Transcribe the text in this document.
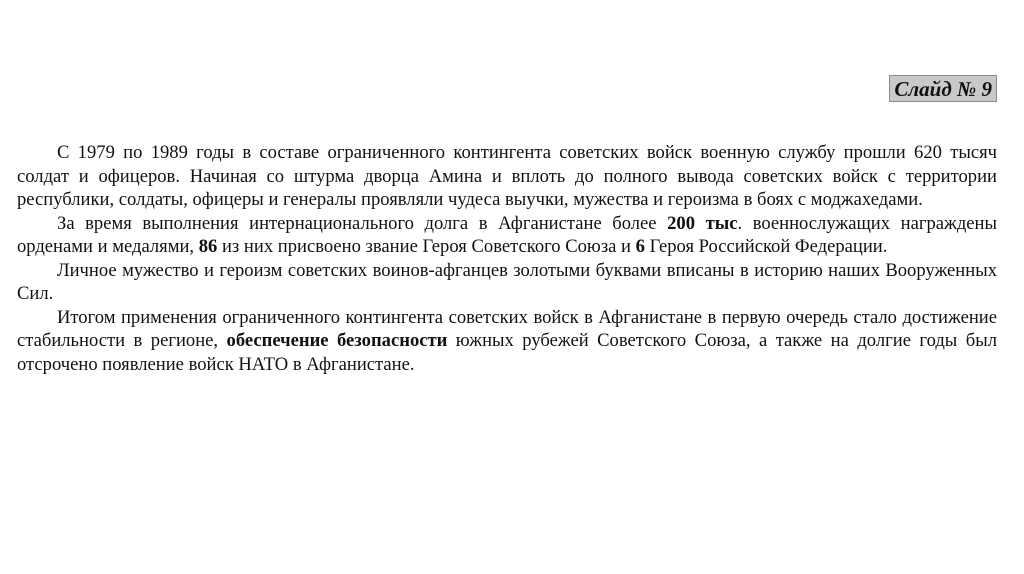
Слайд № 9

С 1979 по 1989 годы в составе ограниченного контингента советских войск военную службу прошли 620 тысяч солдат и офицеров. Начиная со штурма дворца Амина и вплоть до полного вывода советских войск с территории республики, солдаты, офицеры и генералы проявляли чудеса выучки, мужества и героизма в боях с моджахедами.

За время выполнения интернационального долга в Афганистане более 200 тыс. военнослужащих награждены орденами и медалями, 86 из них присвоено звание Героя Советского Союза и 6 Героя Российской Федерации.

Личное мужество и героизм советских воинов-афганцев золотыми буквами вписаны в историю наших Вооруженных Сил.

Итогом применения ограниченного контингента советских войск в Афганистане в первую очередь стало достижение стабильности в регионе, обеспечение безопасности южных рубежей Советского Союза, а также на долгие годы был отсрочено появление войск НАТО в Афганистане.
